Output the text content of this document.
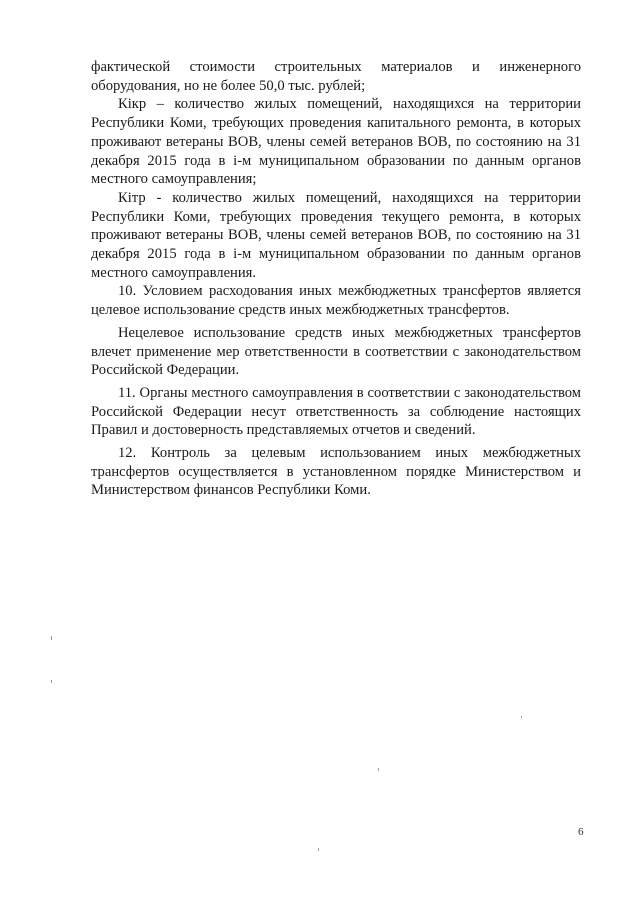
фактической стоимости строительных материалов и инженерного оборудования, но не более 50,0 тыс. рублей;

Кікр – количество жилых помещений, находящихся на территории Республики Коми, требующих проведения капитального ремонта, в которых проживают ветераны ВОВ, члены семей ветеранов ВОВ, по состоянию на 31 декабря 2015 года в і-м муниципальном образовании по данным органов местного самоуправления;

Кітр - количество жилых помещений, находящихся на территории Республики Коми, требующих проведения текущего ремонта, в которых проживают ветераны ВОВ, члены семей ветеранов ВОВ, по состоянию на 31 декабря 2015 года в і-м муниципальном образовании по данным органов местного самоуправления.

10. Условием расходования иных межбюджетных трансфертов является целевое использование средств иных межбюджетных трансфертов.

Нецелевое использование средств иных межбюджетных трансфертов влечет применение мер ответственности в соответствии с законодательством Российской Федерации.

11. Органы местного самоуправления в соответствии с законодательством Российской Федерации несут ответственность за соблюдение настоящих Правил и достоверность представляемых отчетов и сведений.

12. Контроль за целевым использованием иных межбюджетных трансфертов осуществляется в установленном порядке Министерством и Министерством финансов Республики Коми.

6
